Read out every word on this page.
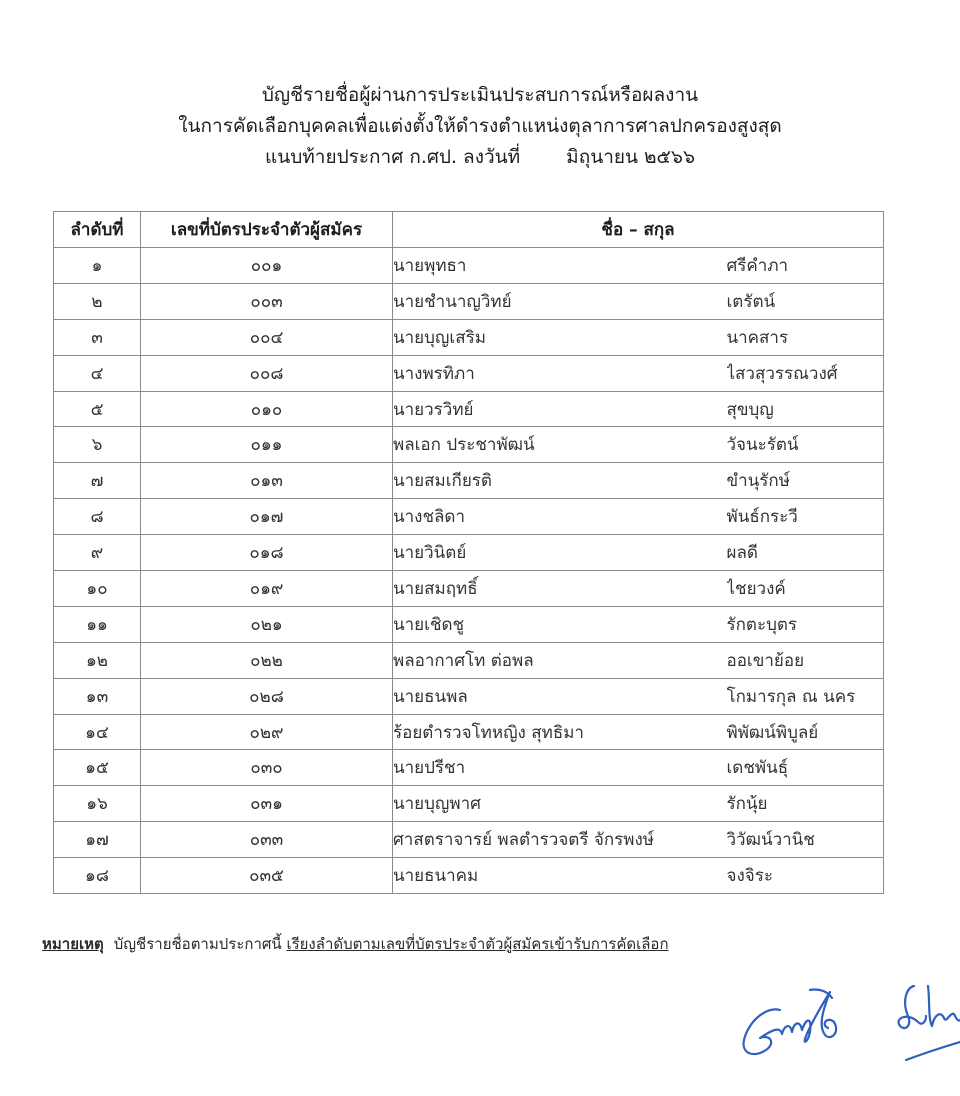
บัญชีรายชื่อผู้ผ่านการประเมินประสบการณ์หรือผลงาน
ในการคัดเลือกบุคคลเพื่อแต่งตั้งให้ดำรงตำแหน่งตุลาการศาลปกครองสูงสุด
แนบท้ายประกาศ ก.ศป. ลงวันที่ มิถุนายน ๒๕๖๖
ลำดับที่	เลขที่บัตรประจำตัวผู้สมัคร	ชื่อ – สกุล	
๑	๐๐๑	นายพุทธา	ศรีคำภา
๒	๐๐๓	นายชำนาญวิทย์	เตรัตน์
๓	๐๐๔	นายบุญเสริม	นาคสาร
๔	๐๐๘	นางพรทิภา	ไสวสุวรรณวงศ์
๕	๐๑๐	นายวรวิทย์	สุขบุญ
๖	๐๑๑	พลเอก ประชาพัฒน์	วัจนะรัตน์
๗	๐๑๓	นายสมเกียรติ	ขำนุรักษ์
๘	๐๑๗	นางชลิดา	พันธ์กระวี
๙	๐๑๘	นายวินิตย์	ผลดี
๑๐	๐๑๙	นายสมฤทธิ์	ไชยวงค์
๑๑	๐๒๑	นายเชิดชู	รักตะบุตร
๑๒	๐๒๒	พลอากาศโท ต่อพล	ออเขาย้อย
๑๓	๐๒๘	นายธนพล	โกมารกุล ณ นคร
๑๔	๐๒๙	ร้อยตำรวจโทหญิง สุทธิมา	พิพัฒน์พิบูลย์
๑๕	๐๓๐	นายปรีชา	เดชพันธุ์
๑๖	๐๓๑	นายบุญพาศ	รักนุ้ย
๑๗	๐๓๓	ศาสตราจารย์ พลตำรวจตรี จักรพงษ์	วิวัฒน์วานิช
๑๘	๐๓๕	นายธนาคม	จงจิระ
หมายเหตุ บัญชีรายชื่อตามประกาศนี้ เรียงลำดับตามเลขที่บัตรประจำตัวผู้สมัครเข้ารับการคัดเลือก
